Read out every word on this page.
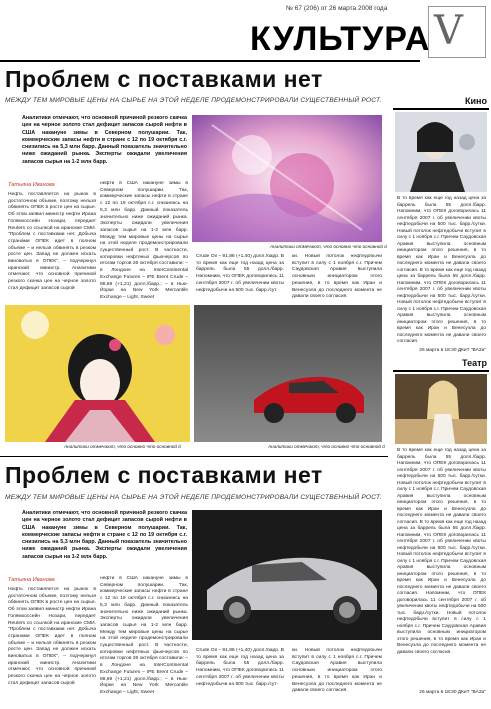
№ 67 (206) от 26 марта 2008 года
КУЛЬТУРА V
Проблем с поставками нет
МЕЖДУ ТЕМ МИРОВЫЕ ЦЕНЫ НА СЫРЬЕ НА ЭТОЙ НЕДЕЛЕ ПРОДЕМОНСТРИРОВАЛИ СУЩЕСТВЕННЫЙ РОСТ.
Аналитики отмечают, что основной причиной резкого скачка цен на черное золото стал дефицит запасов сырой нефти в США накануне зимы в Северном полушарии. Так, коммерческие запасы нефти в стране с 12 по 19 октября с.г. снизились на 5,3 млн барр. Данный показатель значительно ниже ожиданий рынка. Эксперты ожидали увеличения запасов сырья на 1-2 млн барр.
Татьяна Иванова
Нефть поставляется на рынок в достаточном объеме, поэтому нельзя обвинять ОПЕК в росте цен на сырье. Об этом заявил министр нефти Ирана Голямхоссейн Нозари, передает Reuters со ссылкой на иранские СМИ. "Проблем с поставками нет. Добыча странами ОПЕК идет в полном объеме – и нельзя обвинять в резком росте цен. Запад не должен искать виноватых в ОПЕК", – подчеркнул иранский министр. Аналитики отмечают, что основной причиной резкого скачка цен на черное золото стал дефицит запасов сырой
нефти в США накануне зимы в Северном полушарии. Так, коммерческие запасы нефти в стране с 12 по 19 октября с.г. снизились на 5,3 млн барр. Данный показатель значительно ниже ожиданий рынка. Эксперты ожидали увеличения запасов сырья на 1-2 млн барр. Между тем мировые цены на сырье на этой неделе продемонстрировали существенный рост. В частности, котировки нефтяных фьючерсов по итогам торгов 26 октября составили: – в Лондоне на InterContinental Exchange Futures – IPE Brent Crude – 88,69 (+1,21) долл./барр.; – в Нью-Йорке на New York Mercantile Exchange – Light, Sweet
Аналитики отмечают, что основно что основной й
Crude Oil – 91,86 (+1,40) долл./барр. В то время как еще год назад цена за баррель была 55 долл./барр. Напомним, что ОПЕК договорились 11 сентября 2007 г. об увеличении квоты нефтедобычи на 500 тыс. барр./сут.
ки. Новый потолок нефтедобычи вступит в силу с 1 ноября с.г. Причем Саудовская Аравия выступила основным инициатором этого решения, в то время как Иран и Венесуэла до последнего момента не давали своего согласия.
Аналитики отмечают, что основно что основной й	Аналитики отмечают, что основно что основной й
Проблем с поставками нет
МЕЖДУ ТЕМ МИРОВЫЕ ЦЕНЫ НА СЫРЬЕ НА ЭТОЙ НЕДЕЛЕ ПРОДЕМОНСТРИРОВАЛИ СУЩЕСТВЕННЫЙ РОСТ.
Аналитики отмечают, что основной причиной резкого скачка цен на черное золото стал дефицит запасов сырой нефти в США накануне зимы в Северном полушарии. Так, коммерческие запасы нефти в стране с 12 по 19 октября с.г. снизились на 5,3 млн барр. Данный показатель значительно ниже ожиданий рынка. Эксперты ожидали увеличения запасов сырья на 1-2 млн барр.
Татьяна Иванова
Нефть поставляется на рынок в достаточном объеме, поэтому нельзя обвинять ОПЕК в росте цен на сырье. Об этом заявил министр нефти Ирана Голямхоссейн Нозари, передает Reuters со ссылкой на иранские СМИ. "Проблем с поставками нет. Добыча странами ОПЕК идет в полном объеме – и нельзя обвинять в резком росте цен. Запад не должен искать виноватых в ОПЕК", – подчеркнул иранский министр. Аналитики отмечают, что основной причиной резкого скачка цен на черное золото стал дефицит запасов сырой
нефти в США накануне зимы в Северном полушарии. Так, коммерческие запасы нефти в стране с 12 по 19 октября с.г. снизились на 5,3 млн барр. Данный показатель значительно ниже ожиданий рынка. Эксперты ожидали увеличения запасов сырья на 1-2 млн барр. Между тем мировые цены на сырье на этой неделе продемонстрировали существенный рост. В частности, котировки нефтяных фьючерсов по итогам торгов 26 октября составили: – в Лондоне на InterContinental Exchange Futures – IPE Brent Crude – 88,69 (+1,21) долл./барр.; – в Нью-Йорке на New York Mercantile Exchange – Light, Sweet
Crude Oil – 91,86 (+1,40) долл./барр. В то время как еще год назад цена за баррель была 55 долл./барр. Напомним, что ОПЕК договорились 11 сентября 2007 г. об увеличении квоты нефтедобычи на 500 тыс. барр./сут-
ки. Новый потолок нефтедобычи вступит в силу с 1 ноября с.г. Причем Саудовская Аравия выступила основным инициатором этого решения, в то время как Иран и Венесуэла до последнего момента не давали своего согласия.
Кино
В то время как еще год назад цена за баррель была 55 долл./барр. Напомним, что ОПЕК договорилась 11 сентября 2007 г. об увеличении квоты нефтедобычи на 500 тыс. барр./сутки. Новый потолок нефтедобычи вступит в силу с 1 ноября с.г. Причем Саудовская Аравия выступила основным инициатором этого решения, в то время как Иран и Венесуэла до последнего момента не давали своего согласия. В то время как еще год назад цена за баррель была 55 долл./барр. Напомним, что ОПЕК договорилась 11 сентября 2007 г. об увеличении квоты нефтедобычи на 500 тыс. барр./сутки. Новый потолок нефтедобычи вступит в силу с 1 ноября с.г. Причем Саудовская Аравия выступила основным инициатором этого решения, в то время как Иран и Венесуэла до последнего момента не давали своего согласия.
26 марта в 18:30 ДКиТ "ВАЗа"
Театр
В то время как еще год назад цена за баррель была 55 долл./барр. Напомним, что ОПЕК договорилась 11 сентября 2007 г. об увеличении квоты нефтедобычи на 500 тыс. барр./сутки. Новый потолок нефтедобычи вступит в силу с 1 ноября с.г. Причем Саудовская Аравия выступила основным инициатором этого решения, в то время как Иран и Венесуэла до последнего момента не давали своего согласия. В то время как еще год назад цена за баррель была 55 долл./барр. Напомним, что ОПЕК договорилась 11 сентября 2007 г. об увеличении квоты нефтедобычи на 500 тыс. барр./сутки. Новый потолок нефтедобычи вступит в силу с 1 ноября с.г. Причем Саудовская Аравия выступила основным инициатором этого решения, в то время как Иран и Венесуэла до последнего момента не давали своего согласия. Напомним, что ОПЕК договорилась 11 сентября 2007 г. об увеличении квоты нефтедобычи на 500 тыс. барр./сутки. Новый потолок нефтедобычи вступит в силу с 1 ноября с.г. Причем Саудовская Аравия выступила основным инициатором этого решения, в то время как Иран и Венесуэла до последнего момента не давали своего согласия.
26 марта в 18:30 ДКиТ "ВАЗа"
